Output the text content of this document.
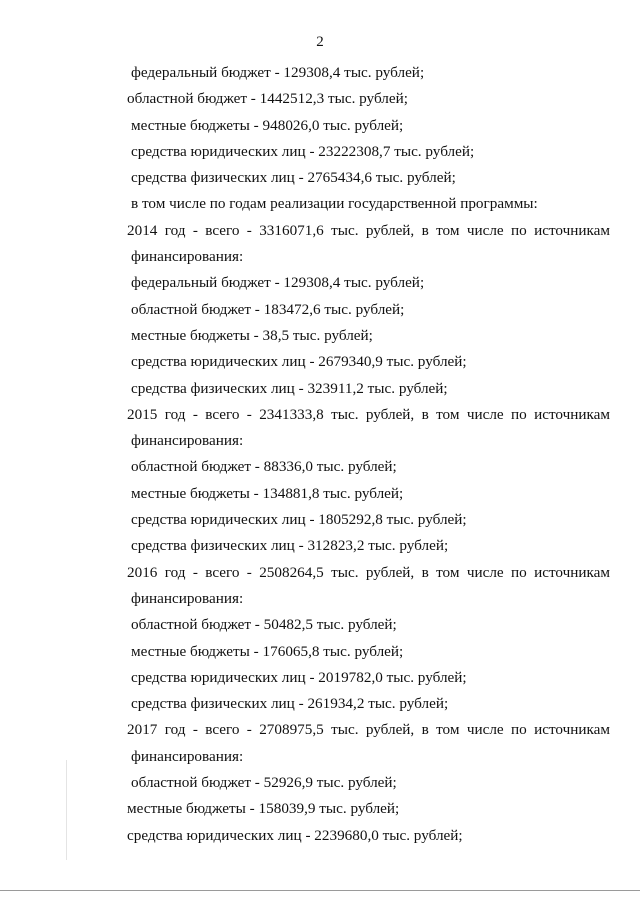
2
федеральный бюджет - 129308,4 тыс. рублей;
областной бюджет - 1442512,3 тыс. рублей;
местные бюджеты - 948026,0 тыс. рублей;
средства юридических лиц - 23222308,7 тыс. рублей;
средства физических лиц - 2765434,6 тыс. рублей;
в том числе по годам реализации государственной программы:
2014 год - всего - 3316071,6 тыс. рублей, в том числе по источникам
финансирования:
федеральный бюджет - 129308,4 тыс. рублей;
областной бюджет - 183472,6 тыс. рублей;
местные бюджеты - 38,5 тыс. рублей;
средства юридических лиц - 2679340,9 тыс. рублей;
средства физических лиц - 323911,2 тыс. рублей;
2015 год - всего - 2341333,8 тыс. рублей, в том числе по источникам
финансирования:
областной бюджет - 88336,0 тыс. рублей;
местные бюджеты - 134881,8 тыс. рублей;
средства юридических лиц - 1805292,8 тыс. рублей;
средства физических лиц - 312823,2 тыс. рублей;
2016 год - всего - 2508264,5 тыс. рублей, в том числе по источникам
финансирования:
областной бюджет - 50482,5 тыс. рублей;
местные бюджеты - 176065,8 тыс. рублей;
средства юридических лиц - 2019782,0 тыс. рублей;
средства физических лиц - 261934,2 тыс. рублей;
2017 год - всего - 2708975,5 тыс. рублей, в том числе по источникам
финансирования:
областной бюджет - 52926,9 тыс. рублей;
местные бюджеты - 158039,9 тыс. рублей;
средства юридических лиц - 2239680,0 тыс. рублей;
